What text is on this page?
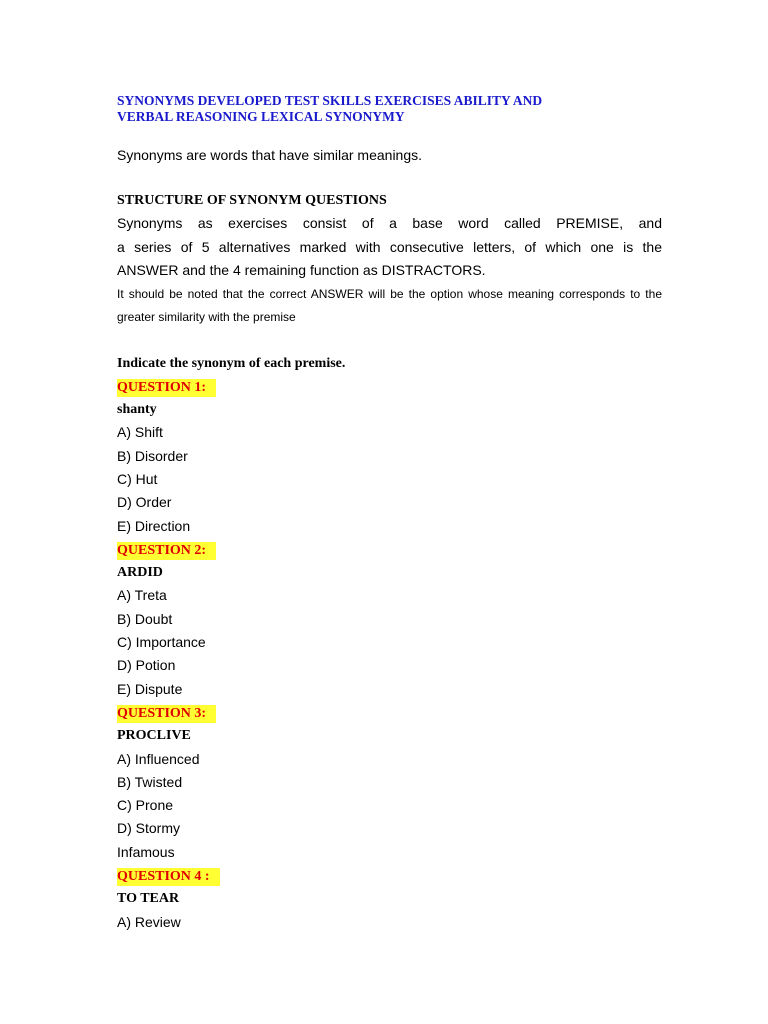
SYNONYMS DEVELOPED TEST SKILLS EXERCISES ABILITY AND
VERBAL REASONING LEXICAL SYNONYMY

Synonyms are words that have similar meanings.

STRUCTURE OF SYNONYM QUESTIONS
Synonyms as exercises consist of a base word called PREMISE, and
a series of 5 alternatives marked with consecutive letters, of which one is the
ANSWER and the 4 remaining function as DISTRACTORS.
It should be noted that the correct ANSWER will be the option whose meaning corresponds to the
greater similarity with the premise
Indicate the synonym of each premise.
QUESTION 1:
shanty
A) Shift
B) Disorder
C) Hut
D) Order
E) Direction
QUESTION 2:
ARDID
A) Treta
B) Doubt
C) Importance
D) Potion
E) Dispute
QUESTION 3:
PROCLIVE
A) Influenced
B) Twisted
C) Prone
D) Stormy
Infamous
QUESTION 4 :
TO TEAR
A) Review
